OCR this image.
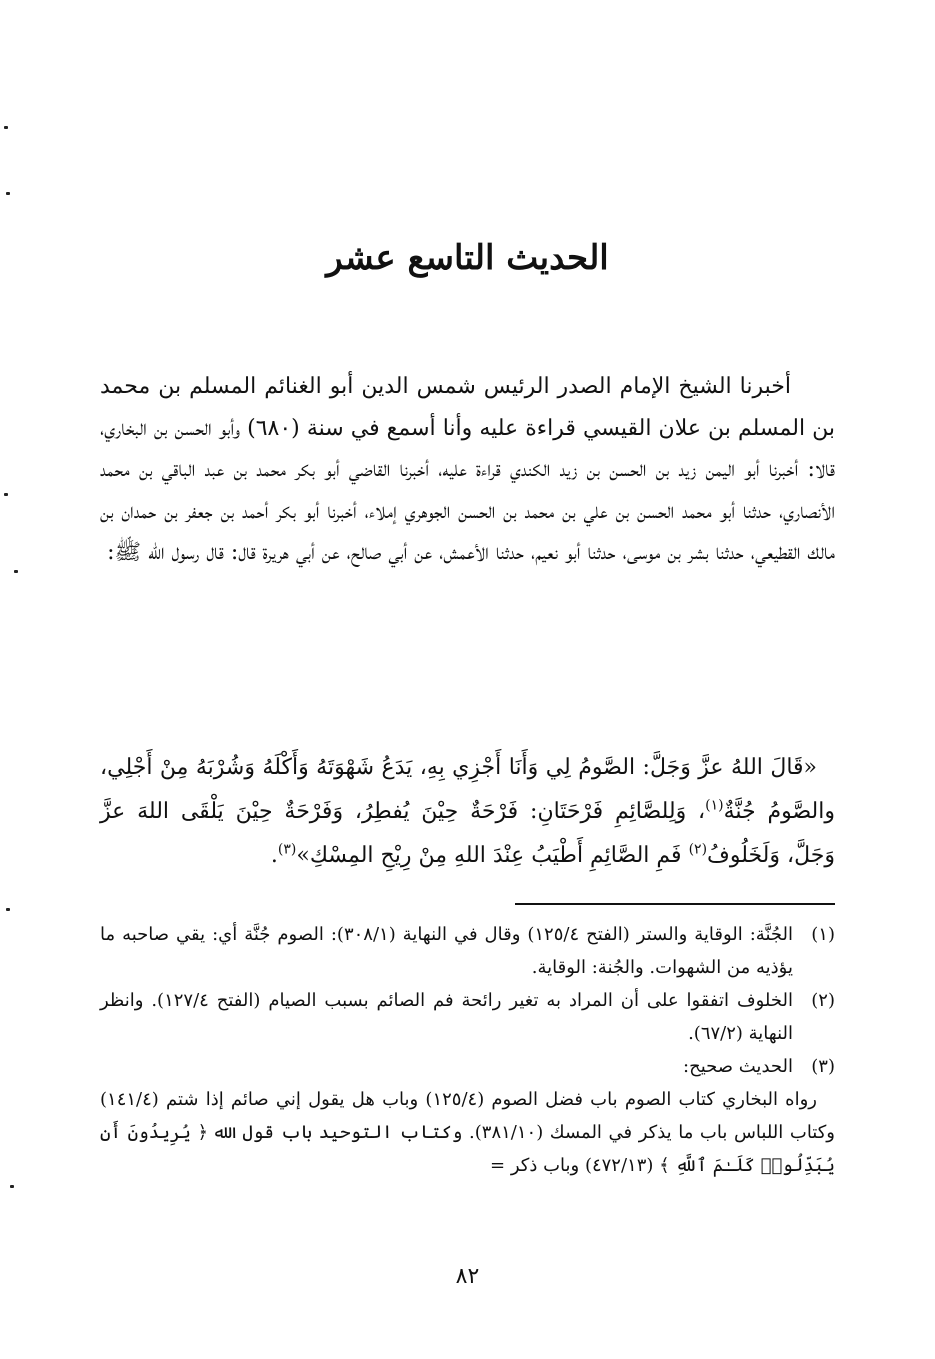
الحديث التاسع عشر

أخبرنا الشيخ الإمام الصدر الرئيس شمس الدين أبو الغنائم المسلم بن محمد بن المسلم بن علان القيسي قراءة عليه وأنا أسمع في سنة (٦٨٠) وأبو الحسن بن البخاري، قالا: أخبرنا أبو اليمن زيد بن الحسن بن زيد الكندي قراءة عليه، أخبرنا القاضي أبو بكر محمد بن عبد الباقي بن محمد الأنصاري، حدثنا أبو محمد الحسن بن علي بن محمد بن الحسن الجوهري إملاء، أخبرنا أبو بكر أحمد بن جعفر بن حمدان بن مالك القطيعي، حدثنا بشر بن موسى، حدثنا أبو نعيم، حدثنا الأعمش، عن أبي صالح، عن أبي هريرة قال: قال رسول الله ﷺ:

«قَالَ اللهُ عزَّ وَجَلَّ: الصَّومُ لِي وَأَنَا أَجْزِي بِهِ، يَدَعُ شَهْوَتَهُ وَأَكْلَهُ وَشُرْبَهُ مِنْ أَجْلِي، والصَّومُ جُنَّةٌ$^{(١)}$، وَلِلصَّائِمِ فَرْحَتَانِ: فَرْحَةٌ حِيْنَ يُفطِرُ، وَفَرْحَةٌ حِيْنَ يَلْقَى اللهَ عزَّ وَجَلَّ، وَلَخَلُوفُ$^{(٢)}$ فَمِ الصَّائِمِ أَطْيَبُ عِنْدَ اللهِ مِنْ رِيْحِ المِسْكِ»$^{(٣)}$.

(١)
الجُنَّة: الوقاية والستر (الفتح ١٢٥/٤) وقال في النهاية (٣٠٨/١): الصوم جُنَّة أي: يقي صاحبه ما يؤذيه من الشهوات. والجُنة: الوقاية.
(٢)
الخلوف اتفقوا على أن المراد به تغير رائحة فم الصائم بسبب الصيام (الفتح ١٢٧/٤). وانظر النهاية (٦٧/٢).
(٣)
الحديث صحيح:

رواه البخاري كتاب الصوم باب فضل الصوم (١٢٥/٤) وباب هل يقول إني صائم إذا شتم (١٤١/٤) وكتاب اللباس باب ما يذكر في المسك (٣٨١/١٠). وكتاب التوحيد باب قول الله ﴿ يُرِيدُونَ أَن يُبَدِّلُوا۟ كَلَـٰمَ ٱللَّهِ ﴾ (٤٧٢/١٣) وباب ذكر =

٨٢
